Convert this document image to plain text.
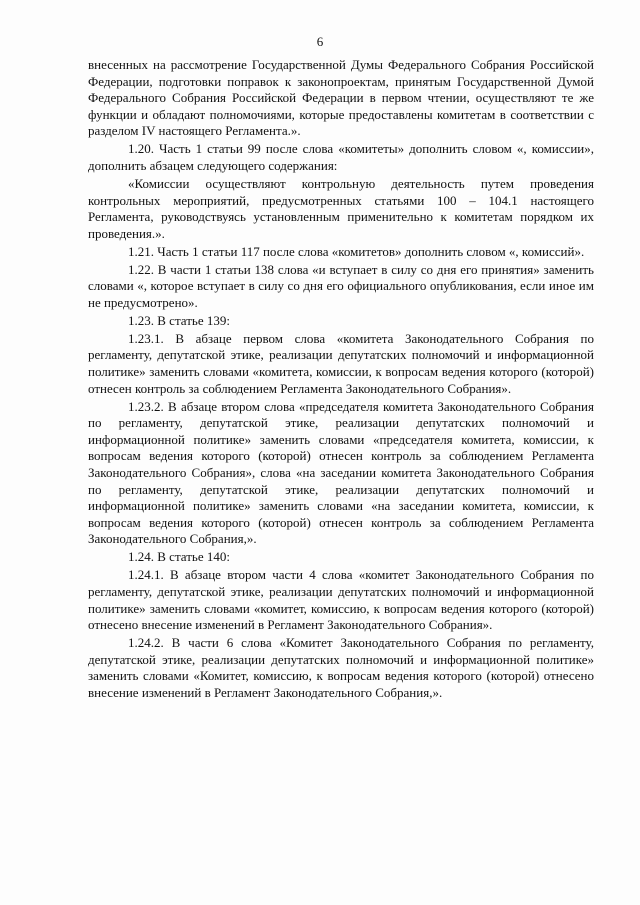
6

внесенных на рассмотрение Государственной Думы Федерального Собрания Российской Федерации, подготовки поправок к законопроектам, принятым Государственной Думой Федерального Собрания Российской Федерации в первом чтении, осуществляют те же функции и обладают полномочиями, которые предоставлены комитетам в соответствии с разделом IV настоящего Регламента.».

1.20. Часть 1 статьи 99 после слова «комитеты» дополнить словом «, комиссии», дополнить абзацем следующего содержания:

«Комиссии осуществляют контрольную деятельность путем проведения контрольных мероприятий, предусмотренных статьями 100 – 104.1 настоящего Регламента, руководствуясь установленным применительно к комитетам порядком их проведения.».

1.21. Часть 1 статьи 117 после слова «комитетов» дополнить словом «, комиссий».

1.22. В части 1 статьи 138 слова «и вступает в силу со дня его принятия» заменить словами «, которое вступает в силу со дня его официального опубликования, если иное им не предусмотрено».

1.23. В статье 139:

1.23.1. В абзаце первом слова «комитета Законодательного Собрания по регламенту, депутатской этике, реализации депутатских полномочий и информационной политике» заменить словами «комитета, комиссии, к вопросам ведения которого (которой) отнесен контроль за соблюдением Регламента Законодательного Собрания».

1.23.2. В абзаце втором слова «председателя комитета Законодательного Собрания по регламенту, депутатской этике, реализации депутатских полномочий и информационной политике» заменить словами «председателя комитета, комиссии, к вопросам ведения которого (которой) отнесен контроль за соблюдением Регламента Законодательного Собрания», слова «на заседании комитета Законодательного Собрания по регламенту, депутатской этике, реализации депутатских полномочий и информационной политике» заменить словами «на заседании комитета, комиссии, к вопросам ведения которого (которой) отнесен контроль за соблюдением Регламента Законодательного Собрания,».

1.24. В статье 140:

1.24.1. В абзаце втором части 4 слова «комитет Законодательного Собрания по регламенту, депутатской этике, реализации депутатских полномочий и информационной политике» заменить словами «комитет, комиссию, к вопросам ведения которого (которой) отнесено внесение изменений в Регламент Законодательного Собрания».

1.24.2. В части 6 слова «Комитет Законодательного Собрания по регламенту, депутатской этике, реализации депутатских полномочий и информационной политике» заменить словами «Комитет, комиссию, к вопросам ведения которого (которой) отнесено внесение изменений в Регламент Законодательного Собрания,».
